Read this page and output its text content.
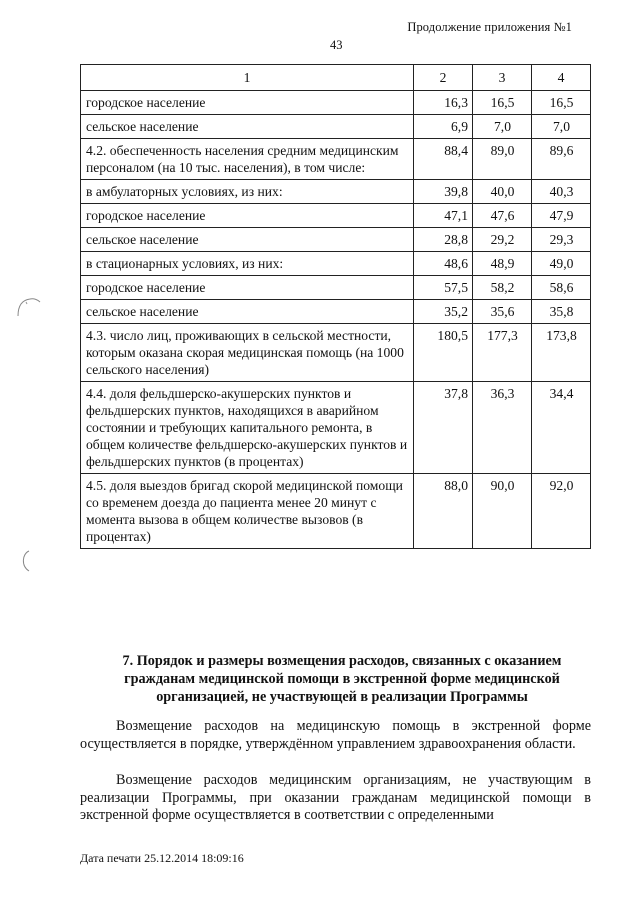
Продолжение приложения №1
43
1	2	3	4
городское население	16,3	16,5	16,5
сельское население	6,9	7,0	7,0
4.2. обеспеченность населения средним медицинским персоналом (на 10 тыс. населения), в том числе:	88,4	89,0	89,6
в амбулаторных условиях, из них:	39,8	40,0	40,3
городское население	47,1	47,6	47,9
сельское население	28,8	29,2	29,3
в стационарных условиях, из них:	48,6	48,9	49,0
городское население	57,5	58,2	58,6
сельское население	35,2	35,6	35,8
4.3. число лиц, проживающих в сельской местности, которым оказана скорая медицинская помощь (на 1000 сельского населения)	180,5	177,3	173,8
4.4. доля фельдшерско-акушерских пунктов и фельдшерских пунктов, находящихся в аварийном состоянии и требующих капитального ремонта, в общем количестве фельдшерско-акушерских пунктов и фельдшерских пунктов (в процентах)	37,8	36,3	34,4
4.5. доля выездов бригад скорой медицинской помощи со временем доезда до пациента менее 20 минут с момента вызова в общем количестве вызовов (в процентах)	88,0	90,0	92,0
7. Порядок и размеры возмещения расходов, связанных с оказанием гражданам медицинской помощи в экстренной форме медицинской организацией, не участвующей в реализации Программы
Возмещение расходов на медицинскую помощь в экстренной форме осуществляется в порядке, утверждённом управлением здравоохранения области.
Возмещение расходов медицинским организациям, не участвующим в реализации Программы, при оказании гражданам медицинской помощи в экстренной форме осуществляется в соответствии с определенными
Дата печати 25.12.2014 18:09:16
